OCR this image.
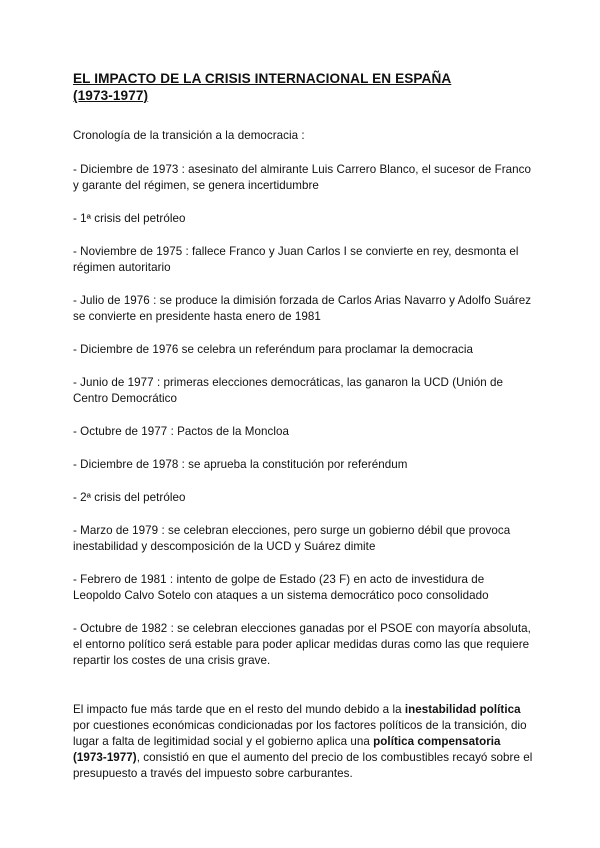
EL IMPACTO DE LA CRISIS INTERNACIONAL EN ESPAÑA
(1973-1977)

Cronología de la transición a la democracia :

- Diciembre de 1973 : asesinato del almirante Luis Carrero Blanco, el sucesor de Franco y garante del régimen, se genera incertidumbre

- 1ª crisis del petróleo

- Noviembre de 1975 : fallece Franco y Juan Carlos I se convierte en rey, desmonta el régimen autoritario

- Julio de 1976 : se produce la dimisión forzada de Carlos Arias Navarro y Adolfo Suárez se convierte en presidente hasta enero de 1981

- Diciembre de 1976 se celebra un referéndum para proclamar la democracia

- Junio de 1977 : primeras elecciones democráticas, las ganaron la UCD (Unión de Centro Democrático

- Octubre de 1977 : Pactos de la Moncloa

- Diciembre de 1978 : se aprueba la constitución por referéndum

- 2ª crisis del petróleo

- Marzo de 1979 : se celebran elecciones, pero surge un gobierno débil que provoca inestabilidad y descomposición de la UCD y Suárez dimite

- Febrero de 1981 : intento de golpe de Estado (23 F) en acto de investidura de Leopoldo Calvo Sotelo con ataques a un sistema democrático poco consolidado

- Octubre de 1982 : se celebran elecciones ganadas por el PSOE con mayoría absoluta, el entorno político será estable para poder aplicar medidas duras como las que requiere repartir los costes de una crisis grave.

El impacto fue más tarde que en el resto del mundo debido a la inestabilidad política por cuestiones económicas condicionadas por los factores políticos de la transición, dio lugar a falta de legitimidad social y el gobierno aplica una política compensatoria (1973-1977), consistió en que el aumento del precio de los combustibles recayó sobre el presupuesto a través del impuesto sobre carburantes.
